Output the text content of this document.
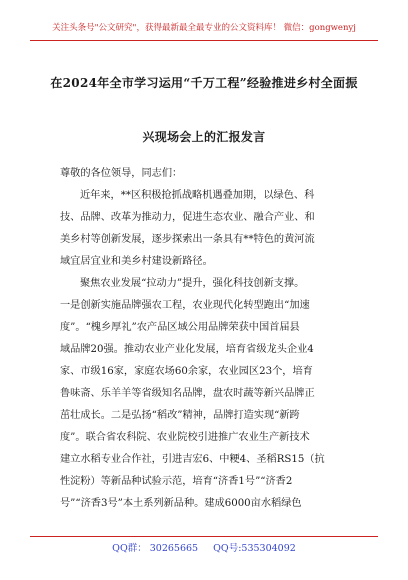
关注头条号"公文研究"，获得最新最全最专业的公文资料库！ 微信：gongwenyj
在2024年全市学习运用“千万工程”经验推进乡村全面振
兴现场会上的汇报发言
尊敬的各位领导，同志们：
近年来，**区积极抢抓战略机遇叠加期，以绿色、科
技、品牌、改革为推动力，促进生态农业、融合产业、和
美乡村等创新发展，逐步探索出一条具有**特色的黄河流
域宜居宜业和美乡村建设新路径。
聚焦农业发展“拉动力”提升，强化科技创新支撑。
一是创新实施品牌强农工程，农业现代化转型跑出“加速
度”。“槐乡厚礼”农产品区域公用品牌荣获中国首届县
域品牌20强。推动农业产业化发展，培育省级龙头企业4
家、市级16家，家庭农场60余家，农业园区23个，培育
鲁味斋、乐羊羊等省级知名品牌，盘农时蔬等新兴品牌正
茁壮成长。二是弘扬“稻改”精神，品牌打造实现“新跨
度”。联合省农科院、农业院校引进推广农业生产新技术
建立水稻专业合作社，引进吉宏6、中粳4、圣稻RS15（抗
性淀粉）等新品种试验示范，培育“济香1号”“济香2
号”“济香3号”本土系列新品种。建成6000亩水稻绿色
QQ群： 30265665 QQ号:535304092
